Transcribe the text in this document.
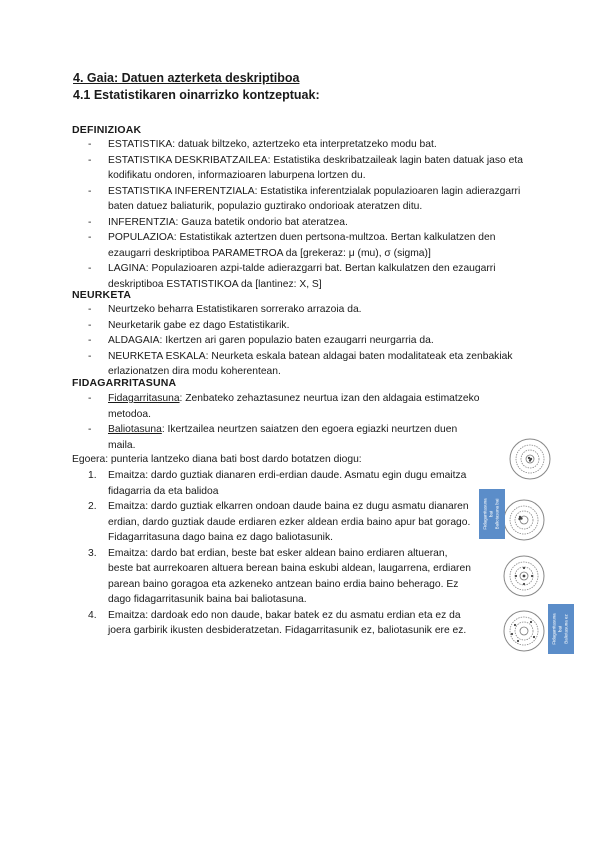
4. Gaia: Datuen azterketa deskriptiboa
4.1 Estatistikaren oinarrizko kontzeptuak:
DEFINIZIOAK
- ESTATISTIKA: datuak biltzeko, aztertzeko eta interpretatzeko modu bat.
- ESTATISTIKA DESKRIBATZAILEA: Estatistika deskribatzaileak lagin baten datuak jaso eta kodifikatu ondoren, informazioaren laburpena lortzen du.
- ESTATISTIKA INFERENTZIALA: Estatistika inferentzialak populazioaren lagin adierazgarri baten datuez baliaturik, populazio guztirako ondorioak ateratzen ditu.
- INFERENTZIA: Gauza batetik ondorio bat ateratzea.
- POPULAZIOA: Estatistikak aztertzen duen pertsona-multzoa. Bertan kalkulatzen den ezaugarri deskriptiboa PARAMETROA da [grekeraz: μ (mu), σ (sigma)]
- LAGINA: Populazioaren azpi-talde adierazgarri bat. Bertan kalkulatzen den ezaugarri deskriptiboa ESTATISTIKOA da [lantinez: X, S]
NEURKETA
- Neurtzeko beharra Estatistikaren sorrerako arrazoia da.
- Neurketarik gabe ez dago Estatistikarik.
- ALDAGAIA: Ikertzen ari garen populazio baten ezaugarri neurgarria da.
- NEURKETA ESKALA: Neurketa eskala batean aldagai baten modalitateak eta zenbakiak erlazionatzen dira modu koherentean.
FIDAGARRITASUNA
- Fidagarritasuna: Zenbateko zehaztasunez neurtua izan den aldagaia estimatzeko metodoa.
- Baliotasuna: Ikertzailea neurtzen saiatzen den egoera egiazki neurtzen duen maila.
Egoera: punteria lantzeko diana bati bost dardo botatzen diogu:
1. Emaitza: dardo guztiak dianaren erdi-erdian daude. Asmatu egin dugu emaitza fidagarria da eta balidoa
2. Emaitza: dardo guztiak elkarren ondoan daude baina ez dugu asmatu dianaren erdian, dardo guztiak daude erdiaren ezker aldean erdia baino apur bat gorago. Fidagarritasuna dago baina ez dago baliotasunik.
3. Emaitza: dardo bat erdian, beste bat esker aldean baino erdiaren altueran, beste bat aurrekoaren altuera berean baina eskubi aldean, laugarrena, erdiaren parean baino goragoa eta azkeneko antzean baino erdia baino beherago. Ez dago fidagarritasunik baina bai baliotasuna.
4. Emaitza: dardoak edo non daude, bakar batek ez du asmatu erdian eta ez da joera garbirik ikusten desbideratzetan. Fidagarritasunik ez, baliotasunik ere ez.
Fidagarritasuna
bai
Baliotasuna bai
Fidagarritasuna
bai
Baliotasuna ez
